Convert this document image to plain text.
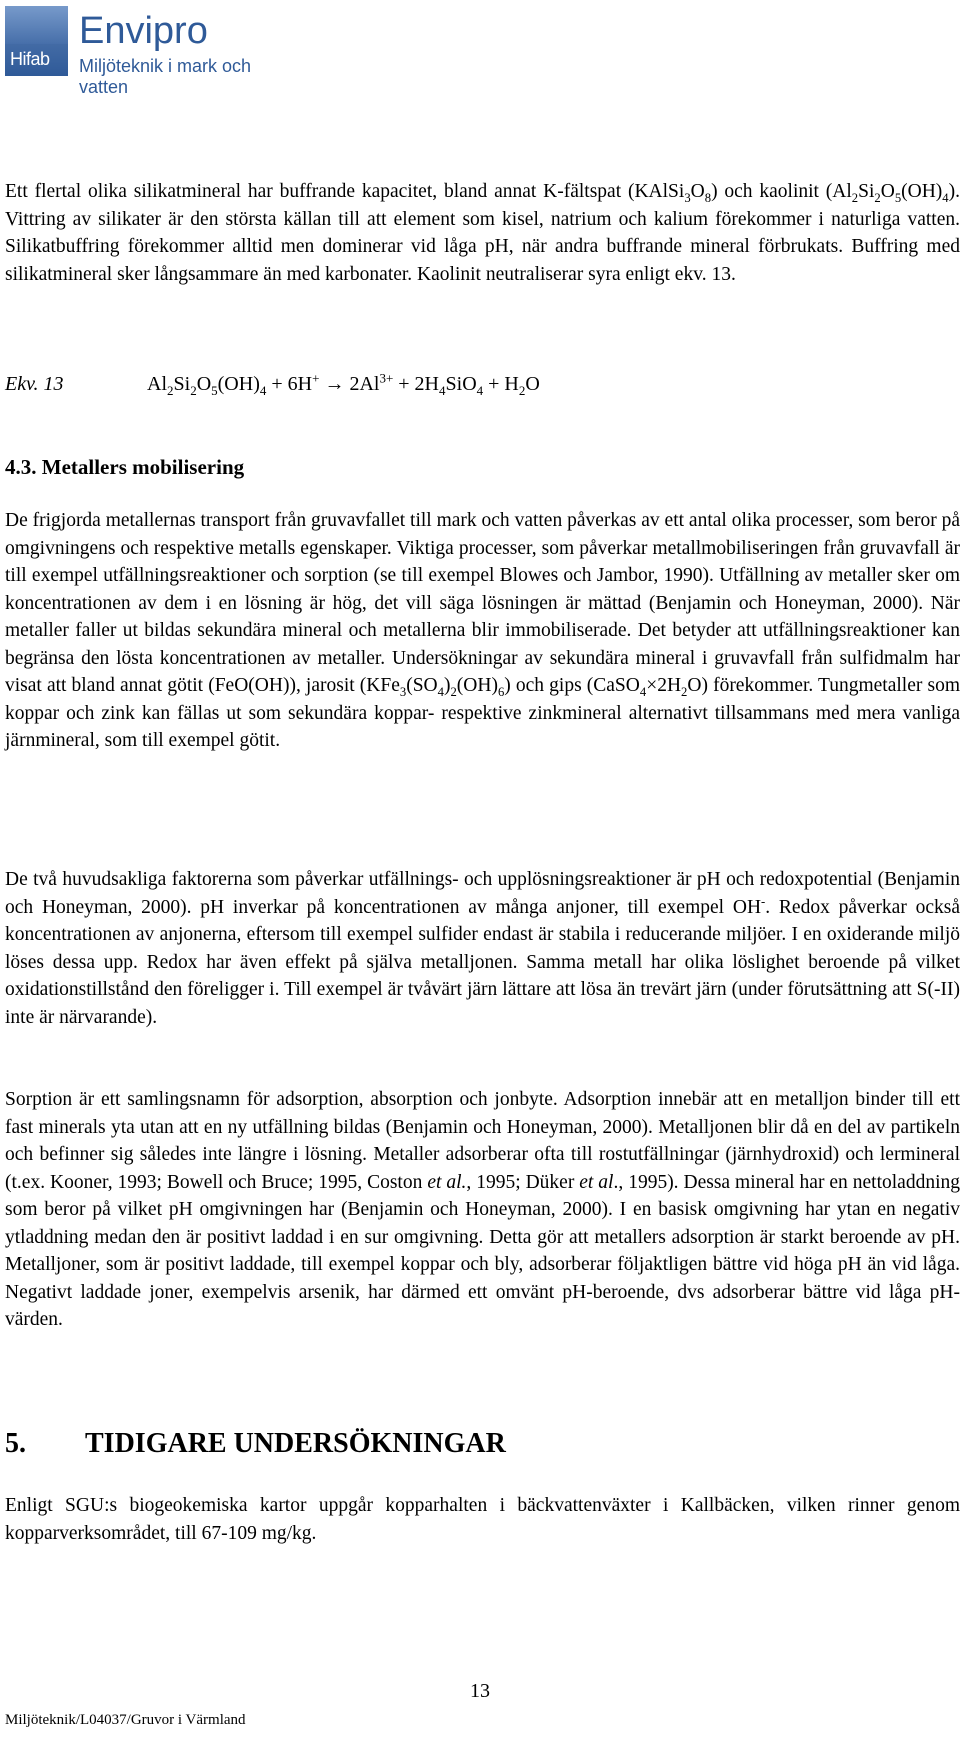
Hifab
Envipro
Miljöteknik i mark och vatten

Ett flertal olika silikatmineral har buffrande kapacitet, bland annat K-fältspat $(KAlSi_3O_8)$ och kaolinit $(Al_2Si_2O_5(OH)_4)$. Vittring av silikater är den största källan till att element som kisel, natrium och kalium förekommer i naturliga vatten. Silikatbuffring förekommer alltid men dominerar vid låga pH, när andra buffrande mineral förbrukats. Buffring med silikatmineral sker långsammare än med karbonater. Kaolinit neutraliserar syra enligt ekv. 13.

Ekv. 13	$Al_2Si_2O_5(OH)_4 + 6H^+ \to 2Al^{3+} + 2H_4SiO_4 + H_2O$
4.3. Metallers mobilisering

De frigjorda metallernas transport från gruvavfallet till mark och vatten påverkas av ett antal olika processer, som beror på omgivningens och respektive metalls egenskaper. Viktiga processer, som påverkar metallmobiliseringen från gruvavfall är till exempel utfällningsreaktioner och sorption (se till exempel Blowes och Jambor, 1990). Utfällning av metaller sker om koncentrationen av dem i en lösning är hög, det vill säga lösningen är mättad (Benjamin och Honeyman, 2000). När metaller faller ut bildas sekundära mineral och metallerna blir immobiliserade. Det betyder att utfällningsreaktioner kan begränsa den lösta koncentrationen av metaller. Undersökningar av sekundära mineral i gruvavfall från sulfidmalm har visat att bland annat götit (FeO(OH)), jarosit $(KFe_3(SO_4)_2(OH)_6)$ och gips $(CaSO_4\times 2H_2O)$ förekommer. Tungmetaller som koppar och zink kan fällas ut som sekundära koppar- respektive zinkmineral alternativt tillsammans med mera vanliga järnmineral, som till exempel götit.

De två huvudsakliga faktorerna som påverkar utfällnings- och upplösningsreaktioner är pH och redoxpotential (Benjamin och Honeyman, 2000). pH inverkar på koncentrationen av många anjoner, till exempel OH-. Redox påverkar också koncentrationen av anjonerna, eftersom till exempel sulfider endast är stabila i reducerande miljöer. I en oxiderande miljö löses dessa upp. Redox har även effekt på själva metalljonen. Samma metall har olika löslighet beroende på vilket oxidationstillstånd den föreligger i. Till exempel är tvåvärt järn lättare att lösa än trevärt järn (under förutsättning att S(-II) inte är närvarande).

Sorption är ett samlingsnamn för adsorption, absorption och jonbyte. Adsorption innebär att en metalljon binder till ett fast minerals yta utan att en ny utfällning bildas (Benjamin och Honeyman, 2000). Metalljonen blir då en del av partikeln och befinner sig således inte längre i lösning. Metaller adsorberar ofta till rostutfällningar (järnhydroxid) och lermineral (t.ex. Kooner, 1993; Bowell och Bruce; 1995, Coston et al., 1995; Düker et al., 1995). Dessa mineral har en nettoladdning som beror på vilket pH omgivningen har (Benjamin och Honeyman, 2000). I en basisk omgivning har ytan en negativ ytladdning medan den är positivt laddad i en sur omgivning. Detta gör att metallers adsorption är starkt beroende av pH. Metalljoner, som är positivt laddade, till exempel koppar och bly, adsorberar följaktligen bättre vid höga pH än vid låga. Negativt laddade joner, exempelvis arsenik, har därmed ett omvänt pH-beroende, dvs adsorberar bättre vid låga pH-värden.

5. TIDIGARE UNDERSÖKNINGAR

Enligt SGU:s biogeokemiska kartor uppgår kopparhalten i bäckvattenväxter i Kallbäcken, vilken rinner genom kopparverksområdet, till 67-109 mg/kg.

13
Miljöteknik/L04037/Gruvor i Värmland
